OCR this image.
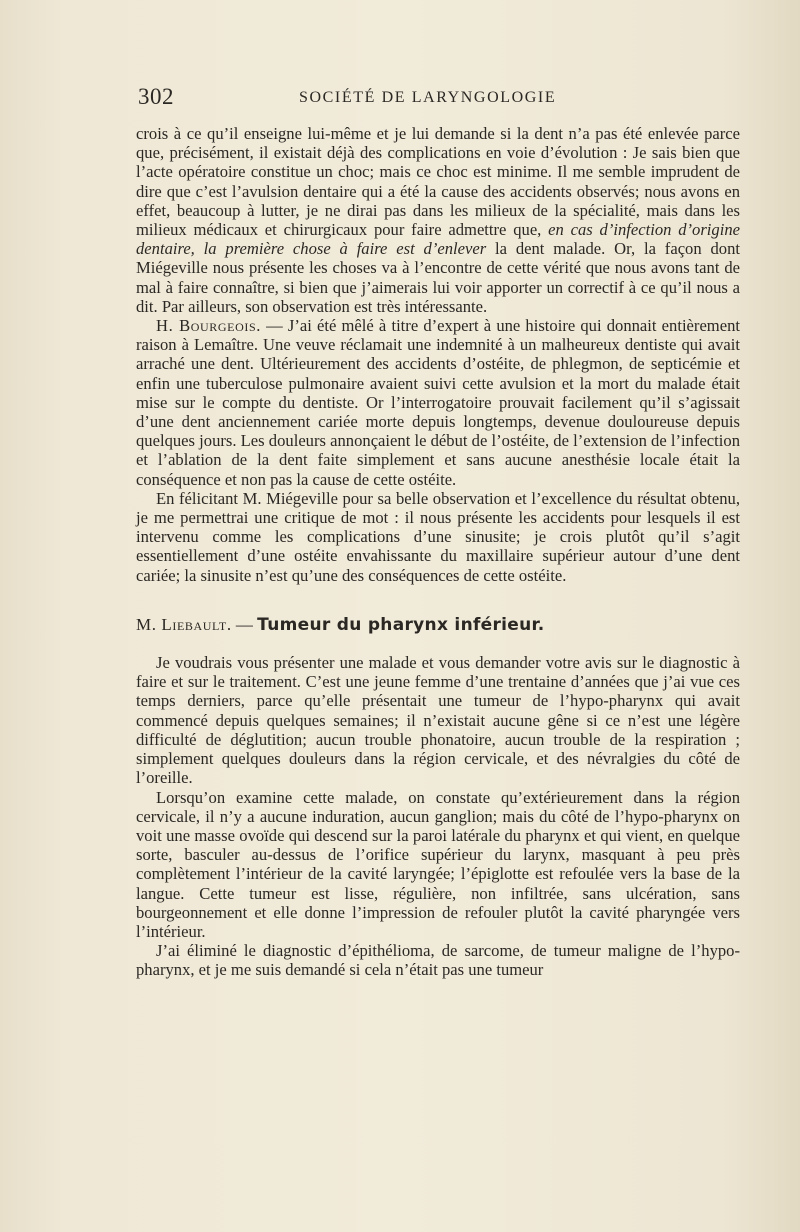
302	SOCIÉTÉ DE LARYNGOLOGIE

crois à ce qu’il enseigne lui-même et je lui demande si la dent n’a pas été enlevée parce que, précisément, il existait déjà des complications en voie d’évolution : Je sais bien que l’acte opératoire constitue un choc; mais ce choc est minime. Il me semble imprudent de dire que c’est l’avulsion dentaire qui a été la cause des accidents observés; nous avons en effet, beaucoup à lutter, je ne dirai pas dans les milieux de la spécialité, mais dans les milieux médicaux et chirurgicaux pour faire admettre que, en cas d’infection d’origine dentaire, la première chose à faire est d’enlever la dent malade. Or, la façon dont Miégeville nous présente les choses va à l’encontre de cette vérité que nous avons tant de mal à faire connaître, si bien que j’aimerais lui voir apporter un correctif à ce qu’il nous a dit. Par ailleurs, son observation est très intéressante.

H. Bourgeois. — J’ai été mêlé à titre d’expert à une histoire qui donnait entièrement raison à Lemaître. Une veuve réclamait une indemnité à un malheureux dentiste qui avait arraché une dent. Ultérieurement des accidents d’ostéite, de phlegmon, de septicémie et enfin une tuberculose pulmonaire avaient suivi cette avulsion et la mort du malade était mise sur le compte du dentiste. Or l’interrogatoire prouvait facilement qu’il s’agissait d’une dent anciennement cariée morte depuis longtemps, devenue douloureuse depuis quelques jours. Les douleurs annonçaient le début de l’ostéite, de l’extension de l’infection et l’ablation de la dent faite simplement et sans aucune anesthésie locale était la conséquence et non pas la cause de cette ostéite.

En félicitant M. Miégeville pour sa belle observation et l’excellence du résultat obtenu, je me permettrai une critique de mot : il nous présente les accidents pour lesquels il est intervenu comme les complications d’une sinusite; je crois plutôt qu’il s’agit essentiellement d’une ostéite envahissante du maxillaire supérieur autour d’une dent cariée; la sinusite n’est qu’une des conséquences de cette ostéite.

M. Liebault. — Tumeur du pharynx inférieur.

Je voudrais vous présenter une malade et vous demander votre avis sur le diagnostic à faire et sur le traitement. C’est une jeune femme d’une trentaine d’années que j’ai vue ces temps derniers, parce qu’elle présentait une tumeur de l’hypo-pharynx qui avait commencé depuis quelques semaines; il n’existait aucune gêne si ce n’est une légère difficulté de déglutition; aucun trouble phonatoire, aucun trouble de la respiration ; simplement quelques douleurs dans la région cervicale, et des névralgies du côté de l’oreille.

Lorsqu’on examine cette malade, on constate qu’extérieurement dans la région cervicale, il n’y a aucune induration, aucun ganglion; mais du côté de l’hypo-pharynx on voit une masse ovoïde qui descend sur la paroi latérale du pharynx et qui vient, en quelque sorte, basculer au-dessus de l’orifice supérieur du larynx, masquant à peu près complètement l’intérieur de la cavité laryngée; l’épiglotte est refoulée vers la base de la langue. Cette tumeur est lisse, régulière, non infiltrée, sans ulcération, sans bourgeonnement et elle donne l’impression de refouler plutôt la cavité pharyngée vers l’intérieur.

J’ai éliminé le diagnostic d’épithélioma, de sarcome, de tumeur maligne de l’hypo-pharynx, et je me suis demandé si cela n’était pas une tumeur
